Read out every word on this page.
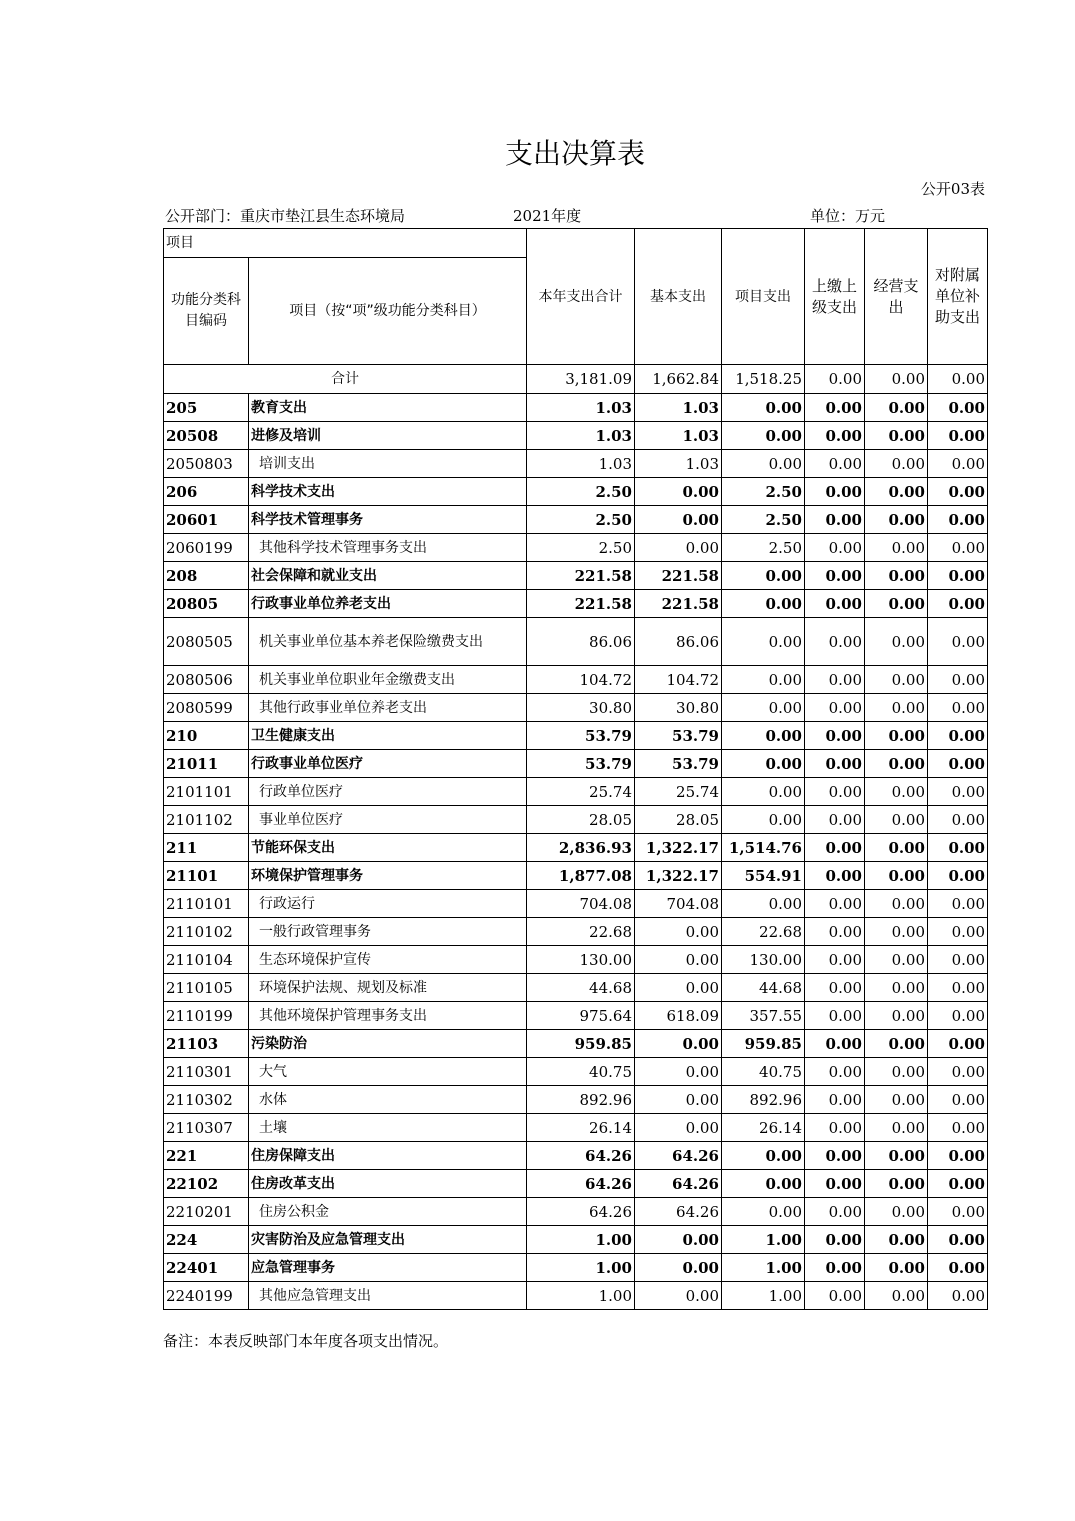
支出决算表
公开03表
公开部门：重庆市垫江县生态环境局	2021年度	单位：万元
项目		本年支出合计	基本支出	项目支出	上缴上级支出	经营支出	对附属单位补助支出
功能分类科目编码	项目（按“项”级功能分类科目）						
合计		3,181.09	1,662.84	1,518.25	0.00	0.00	0.00
205	教育支出	1.03	1.03	0.00	0.00	0.00	0.00
20508	进修及培训	1.03	1.03	0.00	0.00	0.00	0.00
2050803	培训支出	1.03	1.03	0.00	0.00	0.00	0.00
206	科学技术支出	2.50	0.00	2.50	0.00	0.00	0.00
20601	科学技术管理事务	2.50	0.00	2.50	0.00	0.00	0.00
2060199	其他科学技术管理事务支出	2.50	0.00	2.50	0.00	0.00	0.00
208	社会保障和就业支出	221.58	221.58	0.00	0.00	0.00	0.00
20805	行政事业单位养老支出	221.58	221.58	0.00	0.00	0.00	0.00
2080505	机关事业单位基本养老保险缴费支出	86.06	86.06	0.00	0.00	0.00	0.00
2080506	机关事业单位职业年金缴费支出	104.72	104.72	0.00	0.00	0.00	0.00
2080599	其他行政事业单位养老支出	30.80	30.80	0.00	0.00	0.00	0.00
210	卫生健康支出	53.79	53.79	0.00	0.00	0.00	0.00
21011	行政事业单位医疗	53.79	53.79	0.00	0.00	0.00	0.00
2101101	行政单位医疗	25.74	25.74	0.00	0.00	0.00	0.00
2101102	事业单位医疗	28.05	28.05	0.00	0.00	0.00	0.00
211	节能环保支出	2,836.93	1,322.17	1,514.76	0.00	0.00	0.00
21101	环境保护管理事务	1,877.08	1,322.17	554.91	0.00	0.00	0.00
2110101	行政运行	704.08	704.08	0.00	0.00	0.00	0.00
2110102	一般行政管理事务	22.68	0.00	22.68	0.00	0.00	0.00
2110104	生态环境保护宣传	130.00	0.00	130.00	0.00	0.00	0.00
2110105	环境保护法规、规划及标准	44.68	0.00	44.68	0.00	0.00	0.00
2110199	其他环境保护管理事务支出	975.64	618.09	357.55	0.00	0.00	0.00
21103	污染防治	959.85	0.00	959.85	0.00	0.00	0.00
2110301	大气	40.75	0.00	40.75	0.00	0.00	0.00
2110302	水体	892.96	0.00	892.96	0.00	0.00	0.00
2110307	土壤	26.14	0.00	26.14	0.00	0.00	0.00
221	住房保障支出	64.26	64.26	0.00	0.00	0.00	0.00
22102	住房改革支出	64.26	64.26	0.00	0.00	0.00	0.00
2210201	住房公积金	64.26	64.26	0.00	0.00	0.00	0.00
224	灾害防治及应急管理支出	1.00	0.00	1.00	0.00	0.00	0.00
22401	应急管理事务	1.00	0.00	1.00	0.00	0.00	0.00
2240199	其他应急管理支出	1.00	0.00	1.00	0.00	0.00	0.00
备注：本表反映部门本年度各项支出情况。
